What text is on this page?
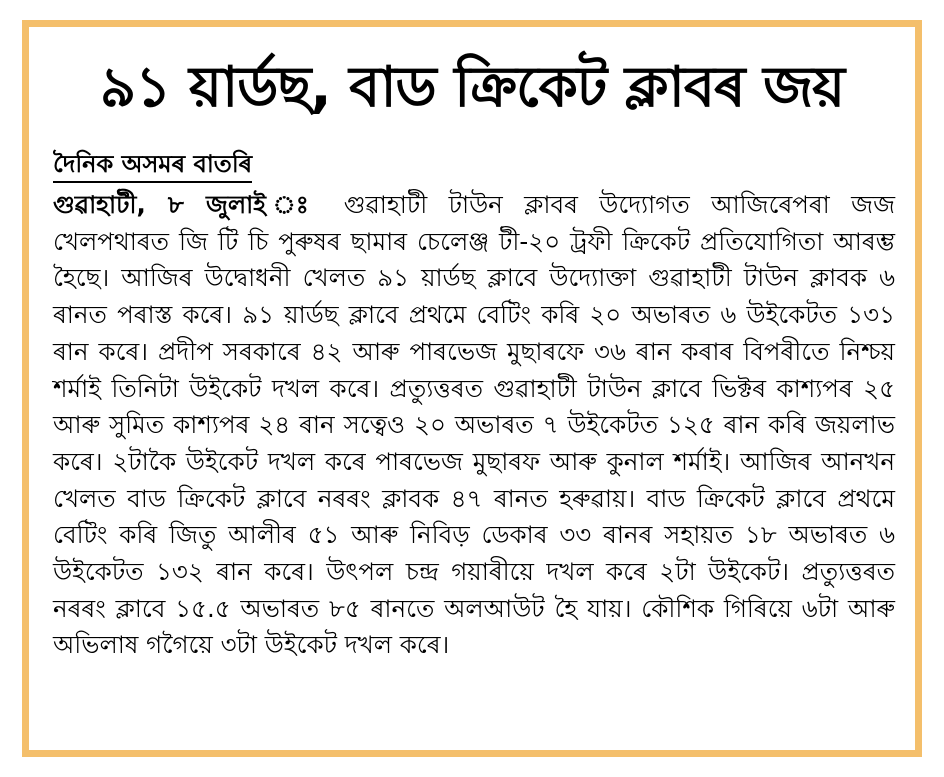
৯১ য়াৰ্ডছ, বাড ক্ৰিকেট ক্লাবৰ জয়
দৈনিক অসমৰ বাতৰি
গুৱাহাটী, ৮ জুলাই ঃ গুৱাহাটী টাউন ক্লাবৰ উদ্যোগত আজিৰেপৰা জজ খেলপথাৰত জি টি চি পুৰুষৰ ছামাৰ চেলেঞ্জ টী-২০ ট্ৰফী ক্ৰিকেট প্ৰতিযোগিতা আৰম্ভ হৈছে। আজিৰ উদ্বোধনী খেলত ৯১ য়াৰ্ডছ ক্লাবে উদ্যোক্তা গুৱাহাটী টাউন ক্লাবক ৬ ৰানত পৰাস্ত কৰে। ৯১ য়াৰ্ডছ ক্লাবে প্ৰথমে বেটিং কৰি ২০ অভাৰত ৬ উইকেটত ১৩১ ৰান কৰে। প্ৰদীপ সৰকাৰে ৪২ আৰু পাৰভেজ মুছাৰফে ৩৬ ৰান কৰাৰ বিপৰীতে নিশ্চয় শৰ্মাই তিনিটা উইকেট দখল কৰে। প্ৰত্যুত্তৰত গুৱাহাটী টাউন ক্লাবে ভিক্টৰ কাশ্যপৰ ২৫ আৰু সুমিত কাশ্যপৰ ২৪ ৰান সত্বেও ২০ অভাৰত ৭ উইকেটত ১২৫ ৰান কৰি জয়লাভ কৰে। ২টাকৈ উইকেট দখল কৰে পাৰভেজ মুছাৰফ আৰু কুনাল শৰ্মাই। আজিৰ আনখন খেলত বাড ক্ৰিকেট ক্লাবে নৰৰং ক্লাবক ৪৭ ৰানত হৰুৱায়। বাড ক্ৰিকেট ক্লাবে প্ৰথমে বেটিং কৰি জিতু আলীৰ ৫১ আৰু নিবিড় ডেকাৰ ৩৩ ৰানৰ সহায়ত ১৮ অভাৰত ৬ উইকেটত ১৩২ ৰান কৰে। উৎপল চন্দ্ৰ গয়াৰীয়ে দখল কৰে ২টা উইকেট। প্ৰত্যুত্তৰত নৰৰং ক্লাবে ১৫.৫ অভাৰত ৮৫ ৰানতে অলআউট হৈ যায়। কৌশিক গিৰিয়ে ৬টা আৰু অভিলাষ গগৈয়ে ৩টা উইকেট দখল কৰে।
